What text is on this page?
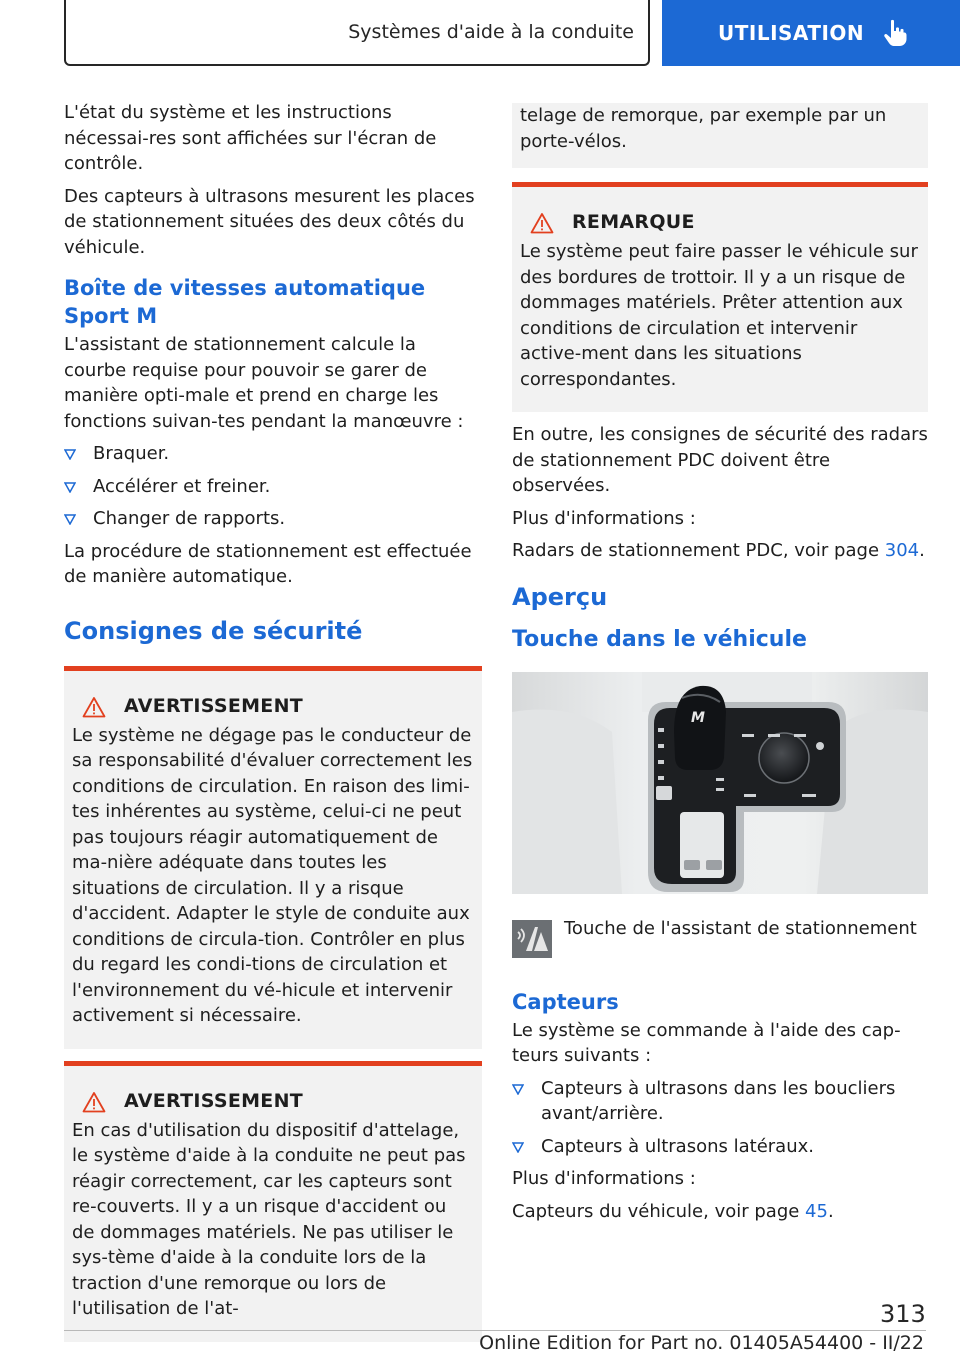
Systèmes d'aide à la conduite	UTILISATION

L'état du système et les instructions nécessai-res sont affichées sur l'écran de contrôle.

Des capteurs à ultrasons mesurent les places de stationnement situées des deux côtés du véhicule.

Boîte de vitesses automatique Sport M

L'assistant de stationnement calcule la courbe requise pour pouvoir se garer de manière opti-male et prend en charge les fonctions suivan-tes pendant la manœuvre :

Braquer.
Accélérer et freiner.
Changer de rapports.

La procédure de stationnement est effectuée de manière automatique.

Consignes de sécurité
AVERTISSEMENT

Le système ne dégage pas le conducteur de sa responsabilité d'évaluer correctement les conditions de circulation. En raison des limi-tes inhérentes au système, celui-ci ne peut pas toujours réagir automatiquement de ma-nière adéquate dans toutes les situations de circulation. Il y a risque d'accident. Adapter le style de conduite aux conditions de circula-tion. Contrôler en plus du regard les condi-tions de circulation et l'environnement du vé-hicule et intervenir activement si nécessaire.

AVERTISSEMENT

En cas d'utilisation du dispositif d'attelage, le système d'aide à la conduite ne peut pas réagir correctement, car les capteurs sont re-couverts. Il y a un risque d'accident ou de dommages matériels. Ne pas utiliser le sys-tème d'aide à la conduite lors de la traction d'une remorque ou lors de l'utilisation de l'at-

telage de remorque, par exemple par un porte-vélos.

REMARQUE

Le système peut faire passer le véhicule sur des bordures de trottoir. Il y a un risque de dommages matériels. Prêter attention aux conditions de circulation et intervenir active-ment dans les situations correspondantes.

En outre, les consignes de sécurité des radars de stationnement PDC doivent être observées.

Plus d'informations :

Radars de stationnement PDC, voir page 304.

Aperçu
Touche dans le véhicule
M

Touche de l'assistant de stationnement

Capteurs

Le système se commande à l'aide des cap-teurs suivants :

Capteurs à ultrasons dans les boucliers avant/arrière.
Capteurs à ultrasons latéraux.

Plus d'informations :

Capteurs du véhicule, voir page 45.

313
Online Edition for Part no. 01405A54400 - II/22
